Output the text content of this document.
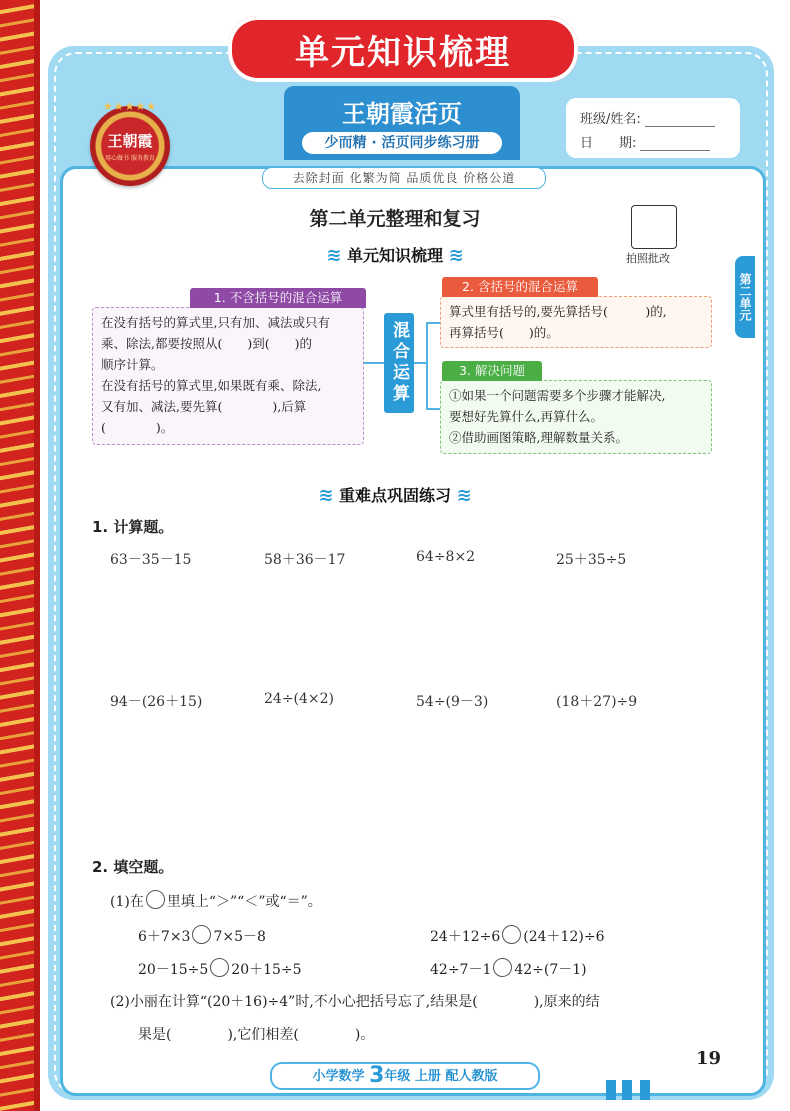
单元知识梳理
★★★★★
王朝霞
用心做书 服务教育
王朝霞活页
少而精 · 活页同步练习册
班级/姓名:
日　　期:
去除封面 化繁为简 品质优良 价格公道
第二单元整理和复习
拍照批改
第二单元
≋ 单元知识梳理 ≋
混合运算
在没有括号的算式里,只有加、减法或只有
乘、除法,都要按照从(　　)到(　　)的
顺序计算。
在没有括号的算式里,如果既有乘、除法,
又有加、减法,要先算(　　　　),后算
(　　　　)。
1. 不含括号的混合运算
算式里有括号的,要先算括号(　　　)的,
再算括号(　　)的。
2. 含括号的混合运算
①如果一个问题需要多个步骤才能解决,
要想好先算什么,再算什么。
②借助画图策略,理解数量关系。
3. 解决问题
≋ 重难点巩固练习 ≋
1. 计算题。
63－35－15	58＋36－17	64÷8×2	25＋35÷5
94－(26＋15)	24÷(4×2)	54÷(9－3)	(18＋27)÷9
2. 填空题。
(1)在 里填上“＞”“＜”或“＝”。
6＋7×3 7×5－8	24＋12÷6 (24＋12)÷6
20－15÷5 20＋15÷5	42÷7－1 42÷(7－1)
(2)小丽在计算“(20＋16)÷4”时,不小心把括号忘了,结果是(　　　　),原来的结
果是(　　　　),它们相差(　　　　)。
19
小学数学 3年级 上册 配人教版
